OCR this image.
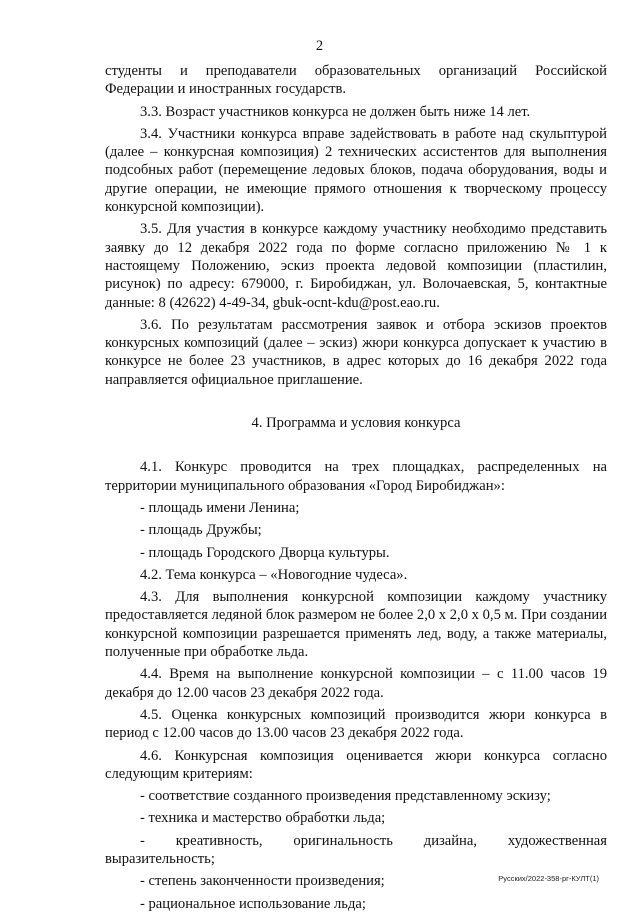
2

студенты и преподаватели образовательных организаций Российской Федерации и иностранных государств.

3.3. Возраст участников конкурса не должен быть ниже 14 лет.

3.4. Участники конкурса вправе задействовать в работе над скульптурой (далее – конкурсная композиция) 2 технических ассистентов для выполнения подсобных работ (перемещение ледовых блоков, подача оборудования, воды и другие операции, не имеющие прямого отношения к творческому процессу конкурсной композиции).

3.5. Для участия в конкурсе каждому участнику необходимо представить заявку до 12 декабря 2022 года по форме согласно приложению № 1 к настоящему Положению, эскиз проекта ледовой композиции (пластилин, рисунок) по адресу: 679000, г. Биробиджан, ул. Волочаевская, 5, контактные данные: 8 (42622) 4-49-34, gbuk-ocnt-kdu@post.eao.ru.

3.6. По результатам рассмотрения заявок и отбора эскизов проектов конкурсных композиций (далее – эскиз) жюри конкурса допускает к участию в конкурсе не более 23 участников, в адрес которых до 16 декабря 2022 года направляется официальное приглашение.

4. Программа и условия конкурса

4.1. Конкурс проводится на трех площадках, распределенных на территории муниципального образования «Город Биробиджан»:

- площадь имени Ленина;

- площадь Дружбы;

- площадь Городского Дворца культуры.

4.2. Тема конкурса – «Новогодние чудеса».

4.3. Для выполнения конкурсной композиции каждому участнику предоставляется ледяной блок размером не более 2,0 х 2,0 х 0,5 м. При создании конкурсной композиции разрешается применять лед, воду, а также материалы, полученные при обработке льда.

4.4. Время на выполнение конкурсной композиции – с 11.00 часов 19 декабря до 12.00 часов 23 декабря 2022 года.

4.5. Оценка конкурсных композиций производится жюри конкурса в период с 12.00 часов до 13.00 часов 23 декабря 2022 года.

4.6. Конкурсная композиция оценивается жюри конкурса согласно следующим критериям:

- соответствие созданного произведения представленному эскизу;

- техника и мастерство обработки льда;

- креативность, оригинальность дизайна, художественная выразительность;

- степень законченности произведения;

- рациональное использование льда;

Русских/2022-358-рг-КУЛТ(1)
